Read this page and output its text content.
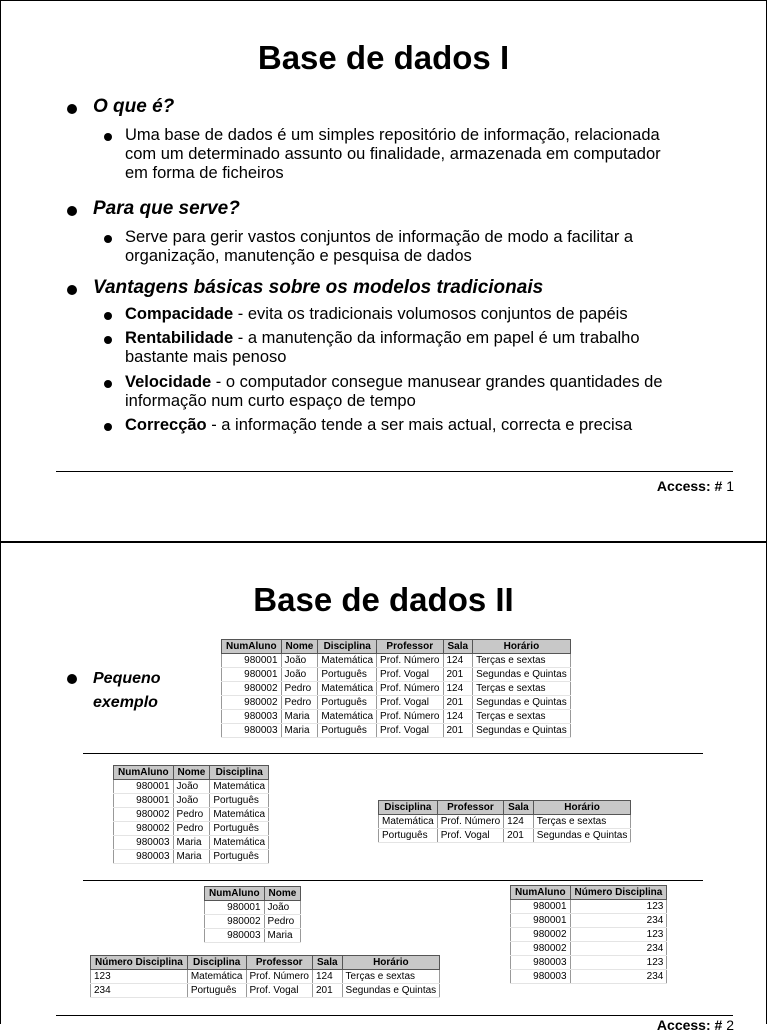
Base de dados I
O que é?
Uma base de dados é um simples repositório de informação, relacionada
com um determinado assunto ou finalidade, armazenada em computador
em forma de ficheiros
Para que serve?
Serve para gerir vastos conjuntos de informação de modo a facilitar a
organização, manutenção e pesquisa de dados
Vantagens básicas sobre os modelos tradicionais
Compacidade - evita os tradicionais volumosos conjuntos de papéis
Rentabilidade - a manutenção da informação em papel é um trabalho
bastante mais penoso
Velocidade - o computador consegue manusear grandes quantidades de
informação num curto espaço de tempo
Correcção - a informação tende a ser mais actual, correcta e precisa
Access: # 1
Base de dados II
Pequeno
exemplo
NumAluno	Nome	Disciplina	Professor	Sala	Horário
980001	João	Matemática	Prof. Número	124	Terças e sextas
980001	João	Português	Prof. Vogal	201	Segundas e Quintas
980002	Pedro	Matemática	Prof. Número	124	Terças e sextas
980002	Pedro	Português	Prof. Vogal	201	Segundas e Quintas
980003	Maria	Matemática	Prof. Número	124	Terças e sextas
980003	Maria	Português	Prof. Vogal	201	Segundas e Quintas
NumAluno	Nome	Disciplina
980001	João	Matemática
980001	João	Português
980002	Pedro	Matemática
980002	Pedro	Português
980003	Maria	Matemática
980003	Maria	Português
Disciplina	Professor	Sala	Horário
Matemática	Prof. Número	124	Terças e sextas
Português	Prof. Vogal	201	Segundas e Quintas
NumAluno	Nome
980001	João
980002	Pedro
980003	Maria
Número Disciplina	Disciplina	Professor	Sala	Horário
123	Matemática	Prof. Número	124	Terças e sextas
234	Português	Prof. Vogal	201	Segundas e Quintas
NumAluno	Número Disciplina
980001	123
980001	234
980002	123
980002	234
980003	123
980003	234
Access: # 2
